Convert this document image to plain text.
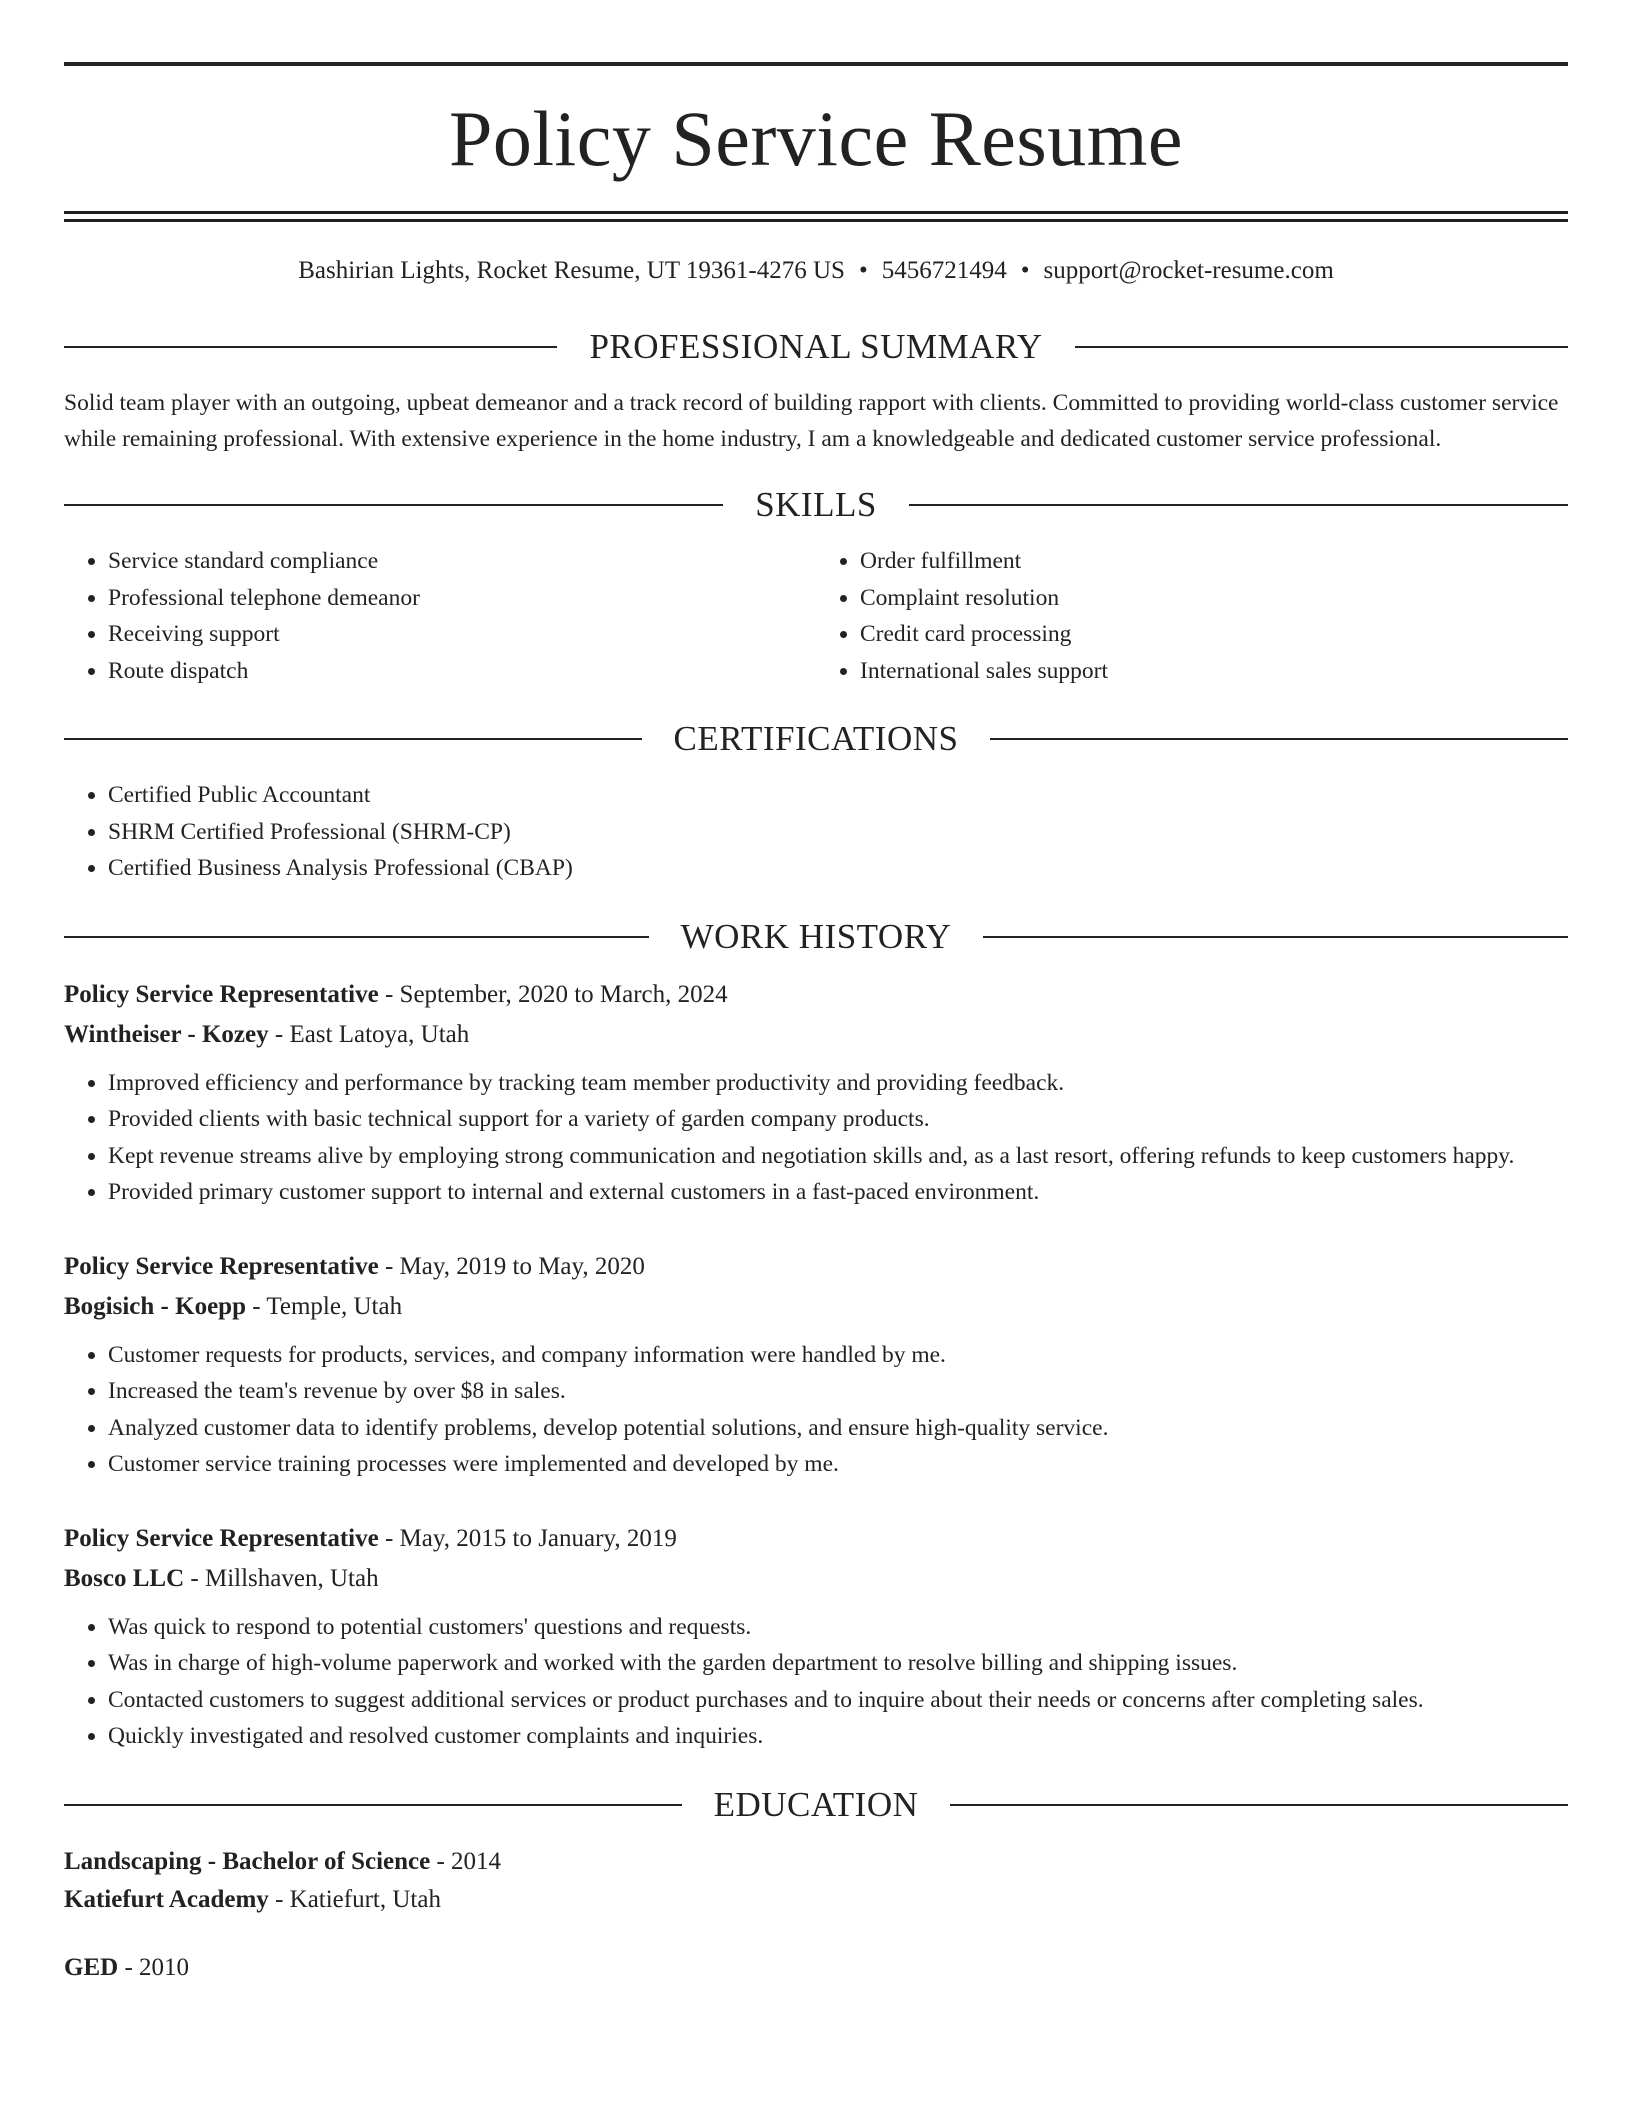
Policy Service Resume
Bashirian Lights, Rocket Resume, UT 19361-4276 US • 5456721494 • support@rocket-resume.com
PROFESSIONAL SUMMARY
Solid team player with an outgoing, upbeat demeanor and a track record of building rapport with clients. Committed to providing world-class customer service while remaining professional. With extensive experience in the home industry, I am a knowledgeable and dedicated customer service professional.
SKILLS
• Service standard compliance
• Professional telephone demeanor
• Receiving support
• Route dispatch
• Order fulfillment
• Complaint resolution
• Credit card processing
• International sales support
CERTIFICATIONS
• Certified Public Accountant
• SHRM Certified Professional (SHRM-CP)
• Certified Business Analysis Professional (CBAP)
WORK HISTORY
Policy Service Representative - September, 2020 to March, 2024
Wintheiser - Kozey - East Latoya, Utah
• Improved efficiency and performance by tracking team member productivity and providing feedback.
• Provided clients with basic technical support for a variety of garden company products.
• Kept revenue streams alive by employing strong communication and negotiation skills and, as a last resort, offering refunds to keep customers happy.
• Provided primary customer support to internal and external customers in a fast-paced environment.
Policy Service Representative - May, 2019 to May, 2020
Bogisich - Koepp - Temple, Utah
• Customer requests for products, services, and company information were handled by me.
• Increased the team's revenue by over $8 in sales.
• Analyzed customer data to identify problems, develop potential solutions, and ensure high-quality service.
• Customer service training processes were implemented and developed by me.
Policy Service Representative - May, 2015 to January, 2019
Bosco LLC - Millshaven, Utah
• Was quick to respond to potential customers' questions and requests.
• Was in charge of high-volume paperwork and worked with the garden department to resolve billing and shipping issues.
• Contacted customers to suggest additional services or product purchases and to inquire about their needs or concerns after completing sales.
• Quickly investigated and resolved customer complaints and inquiries.
EDUCATION
Landscaping - Bachelor of Science - 2014
Katiefurt Academy - Katiefurt, Utah
GED - 2010
